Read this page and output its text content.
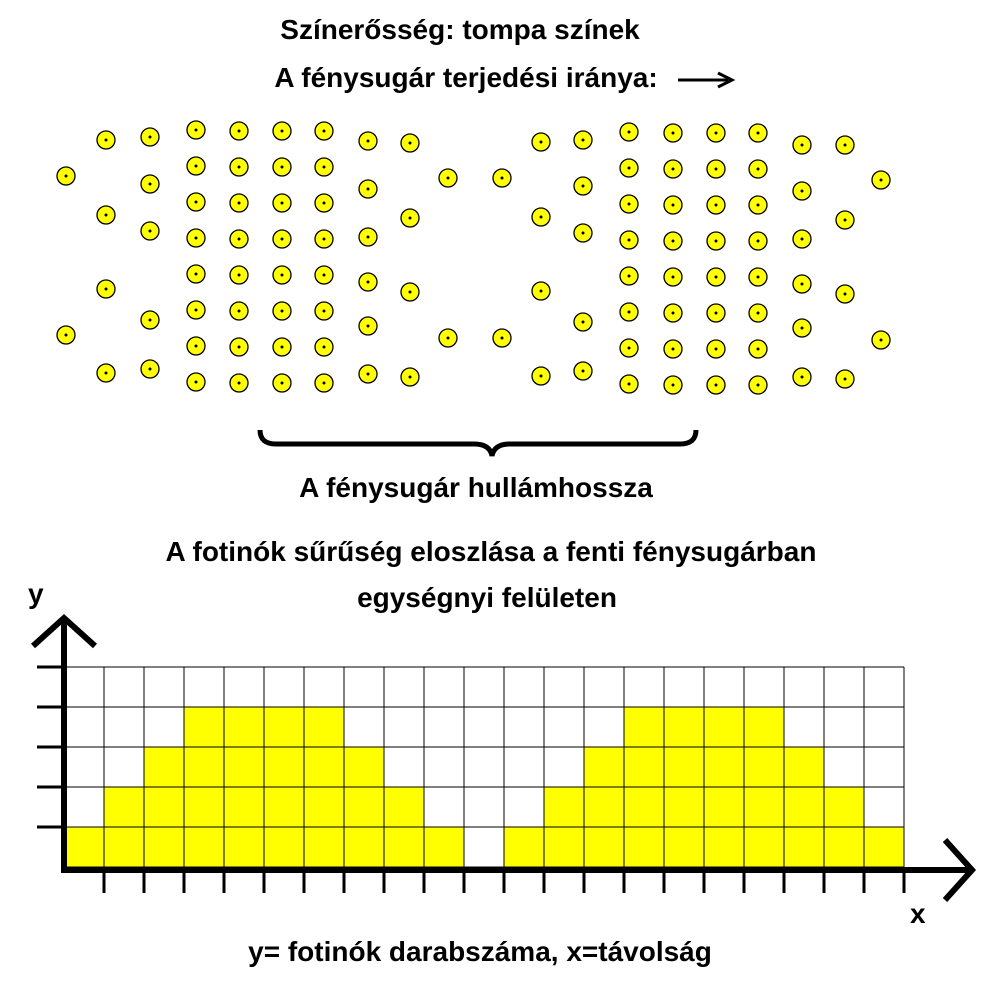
Színerősség: tompa színek
A fénysugár terjedési iránya:
A fénysugár hullámhossza
A fotinók sűrűség eloszlása a fenti fénysugárban
egységnyi felületen
y
x
y= fotinók darabszáma, x=távolság
